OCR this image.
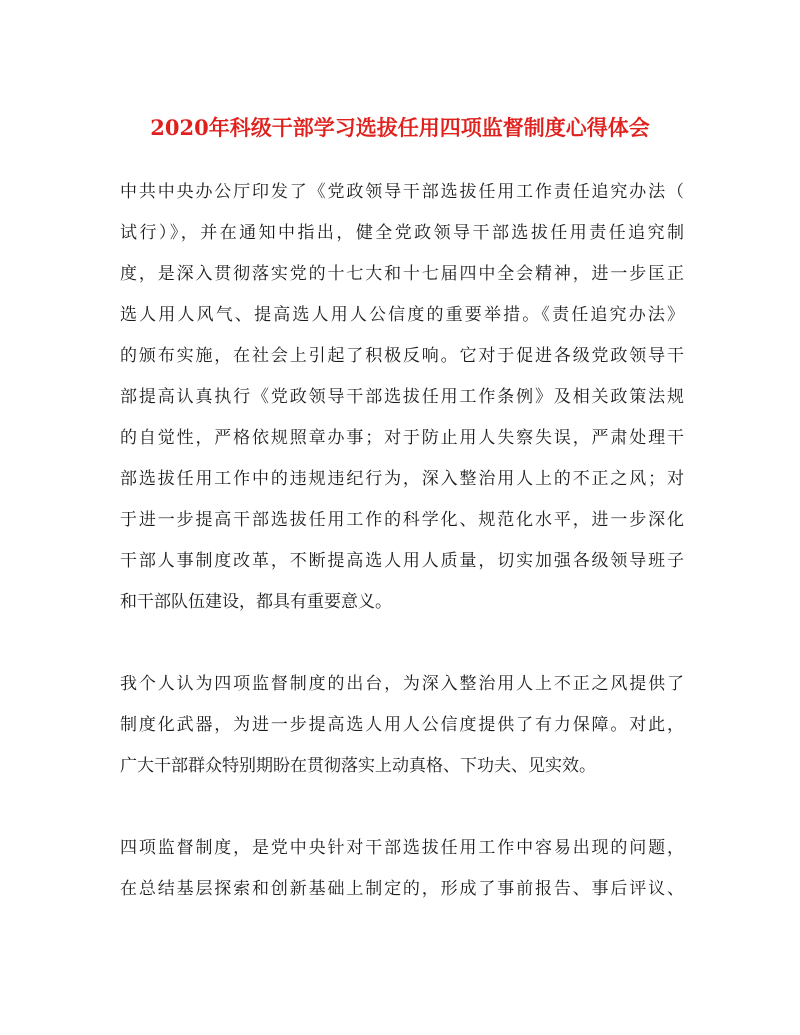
2020年科级干部学习选拔任用四项监督制度心得体会
中共中央办公厅印发了《党政领导干部选拔任用工作责任追究办法（
试行）》，并在通知中指出，健全党政领导干部选拔任用责任追究制
度，是深入贯彻落实党的十七大和十七届四中全会精神，进一步匡正
选人用人风气、提高选人用人公信度的重要举措。《责任追究办法》
的颁布实施，在社会上引起了积极反响。它对于促进各级党政领导干
部提高认真执行《党政领导干部选拔任用工作条例》及相关政策法规
的自觉性，严格依规照章办事；对于防止用人失察失误，严肃处理干
部选拔任用工作中的违规违纪行为，深入整治用人上的不正之风；对
于进一步提高干部选拔任用工作的科学化、规范化水平，进一步深化
干部人事制度改革，不断提高选人用人质量，切实加强各级领导班子
和干部队伍建设，都具有重要意义。
我个人认为四项监督制度的出台，为深入整治用人上不正之风提供了
制度化武器，为进一步提高选人用人公信度提供了有力保障。对此，
广大干部群众特别期盼在贯彻落实上动真格、下功夫、见实效。
四项监督制度，是党中央针对干部选拔任用工作中容易出现的问题，
在总结基层探索和创新基础上制定的，形成了事前报告、事后评议、
